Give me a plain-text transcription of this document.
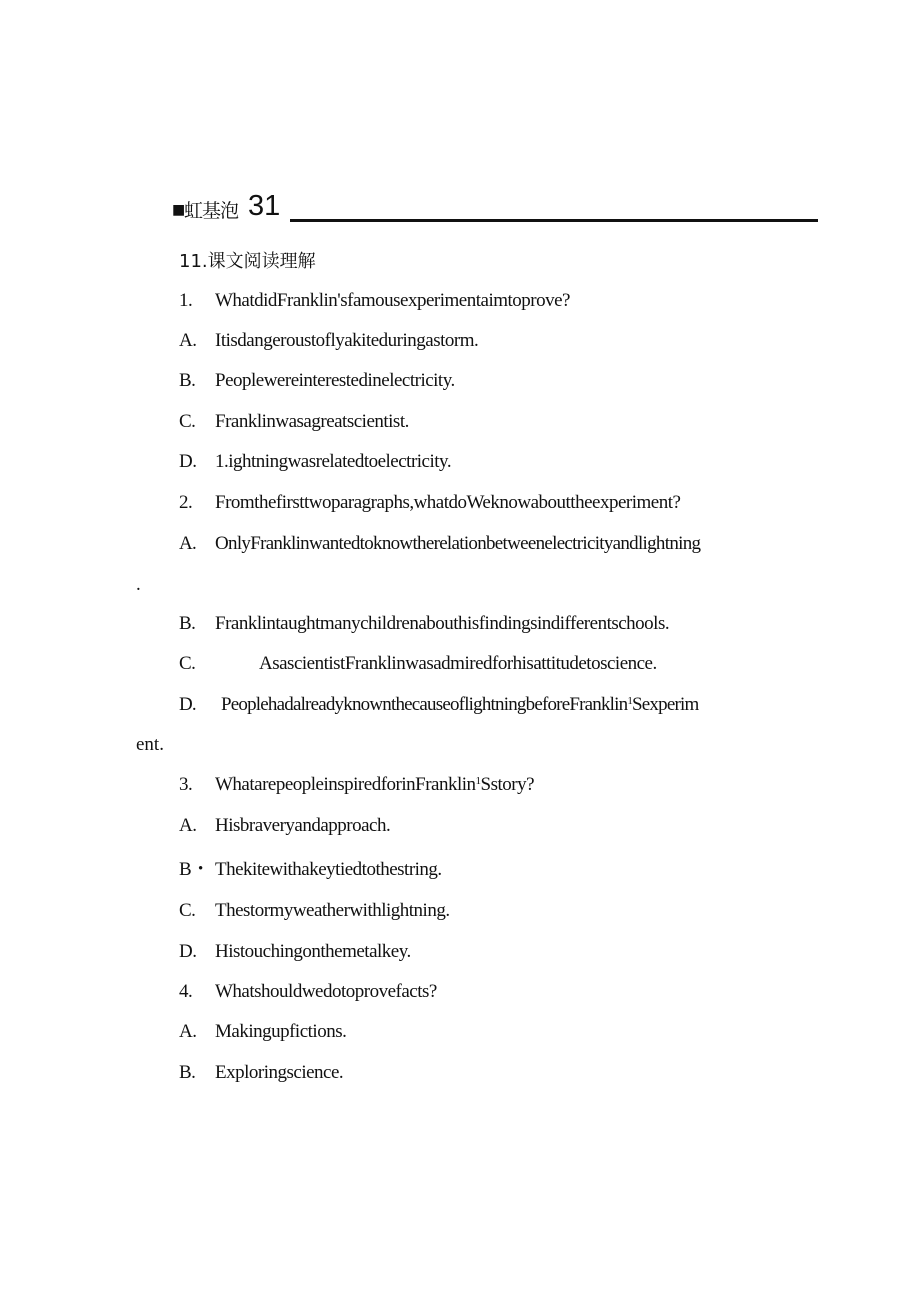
■
虹基泡 31
11.课文阅读理解
1. WhatdidFranklin'sfamousexperimentaimtoprove?
A. Itisdangeroustoflyakiteduringastorm.
B. Peoplewereinterestedinelectricity.
C. Franklinwasagreatscientist.
D. 1.ightningwasrelatedtoelectricity.
2. Fromthefirsttwoparagraphs,whatdoWeknowabouttheexperiment?
A. OnlyFranklinwantedtoknowtherelationbetweenelectricityandlightning
.
B. Franklintaughtmanychildrenabouthisfindingsindifferentschools.
C.	AsascientistFranklinwasadmiredforhisattitudetoscience.
D. PeoplehadalreadyknownthecauseoflightningbeforeFranklin$^1$Sexperim
ent.
3. WhatarepeopleinspiredforinFranklin$^1$Sstory?
A. Hisbraveryandapproach.
B・ Thekitewithakeytiedtothestring.
C. Thestormyweatherwithlightning.
D. Histouchingonthemetalkey.
4. Whatshouldwedotoprovefacts?
A. Makingupfictions.
B. Exploringscience.
